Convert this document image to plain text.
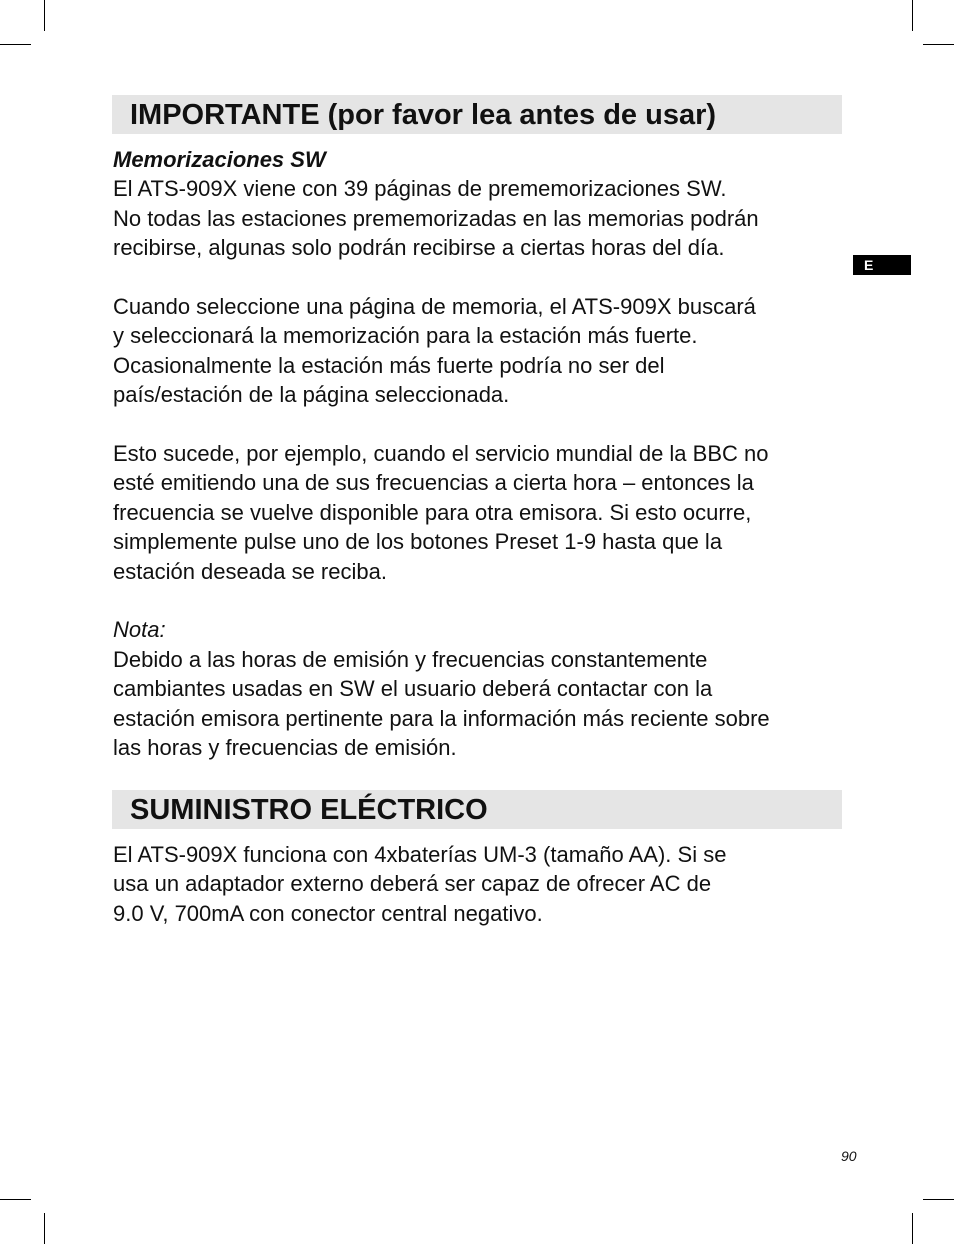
E
IMPORTANTE (por favor lea antes de usar)

Memorizaciones SW

El ATS-909X viene con 39 páginas de prememorizaciones SW.
No todas las estaciones prememorizadas en las memorias podrán
recibirse, algunas solo podrán recibirse a ciertas horas del día.

Cuando seleccione una página de memoria, el ATS-909X buscará
y seleccionará la memorización para la estación más fuerte.
Ocasionalmente la estación más fuerte podría no ser del
país/estación de la página seleccionada.

Esto sucede, por ejemplo, cuando el servicio mundial de la BBC no
esté emitiendo una de sus frecuencias a cierta hora – entonces la
frecuencia se vuelve disponible para otra emisora. Si esto ocurre,
simplemente pulse uno de los botones Preset 1-9 hasta que la
estación deseada se reciba.

Nota:
Debido a las horas de emisión y frecuencias constantemente
cambiantes usadas en SW el usuario deberá contactar con la
estación emisora pertinente para la información más reciente sobre
las horas y frecuencias de emisión.

SUMINISTRO ELÉCTRICO

El ATS-909X funciona con 4xbaterías UM-3 (tamaño AA). Si se
usa un adaptador externo deberá ser capaz de ofrecer AC de
9.0 V, 700mA con conector central negativo.

90
